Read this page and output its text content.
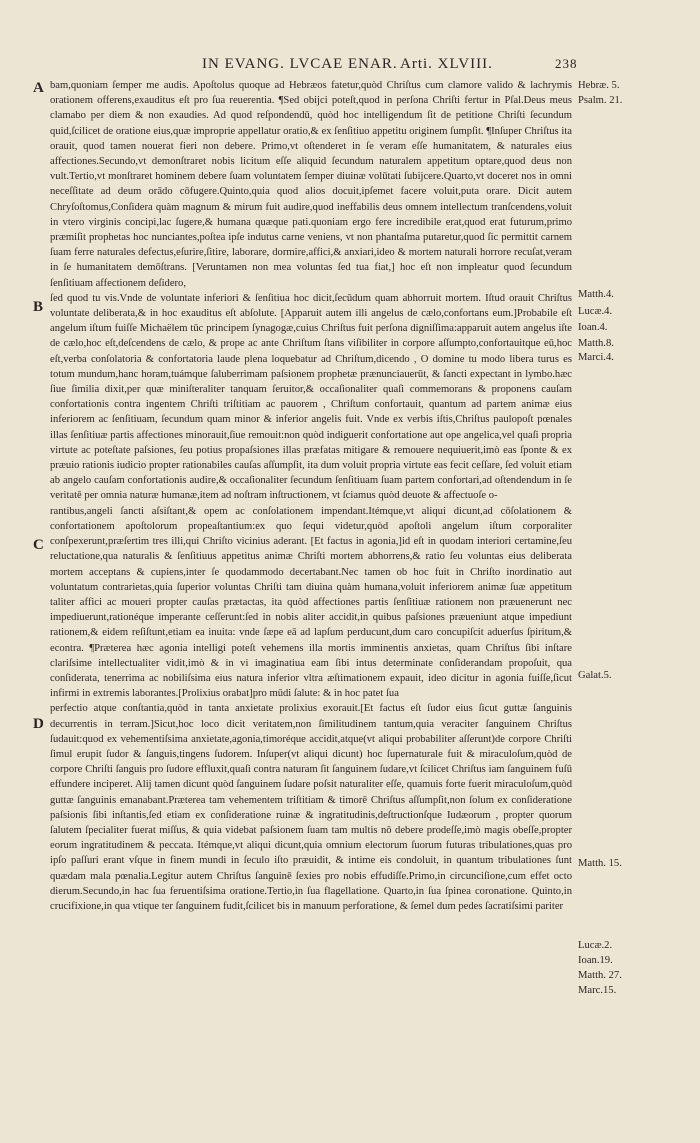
IN EVANG. LVCAE ENAR. Arti. XLVIII.	238
A
B
C
D
Hebræ. 5.
Psalm. 21.
Matth.4.
Lucæ.4.
Ioan.4.
Matth.8.
Marci.4.
Galat.5.
Matth. 15.
Lucæ.2.
Ioan.19.
Matth. 27.
Marc.15.

bam,quoniam ſemper me audis. Apoſtolus quoque ad Hebræos fatetur,quòd Chriſtus cum clamore valido & lachrymis orationem offerens,exauditus eſt pro ſua reuerentia. ¶Sed obijci poteſt,quod in perſona Chriſti fertur in Pſal.Deus meus clamabo per diem & non exaudies. Ad quod reſpondendū, quòd hoc intelligendum ſit de petitione Chriſti ſecundum quid,ſcilicet de oratione eius,quæ improprie appellatur oratio,& ex ſenſitiuo appetitu originem ſumpſit. ¶Inſuper Chriſtus ita orauit, quod tamen nouerat fieri non debere. Primo,vt oſtenderet in ſe veram eſſe humanitatem, & naturales eius affectiones.Secundo,vt demonſtraret nobis licitum eſſe aliquid ſecundum naturalem appetitum optare,quod deus non vult.Tertio,vt monſtraret hominem debere ſuam voluntatem ſemper diuinæ volūtati ſubijcere.Quarto,vt doceret nos in omni neceſſitate ad deum orādo cōfugere.Quinto,quia quod alios docuit,ipſemet facere voluit,puta orare. Dicit autem Chryſoſtomus,Conſidera quàm magnum & mirum fuit audire,quod ineffabilis deus omnem intellectum tranſcendens,voluit in vtero virginis concipi,lac ſugere,& humana quæque pati.quoniam ergo fere incredibile erat,quod erat futurum,primo præmiſit prophetas hoc nunciantes,poſtea ipſe indutus carne veniens, vt non phantaſma putaretur,quod ſic permittit carnem ſuam ferre naturales defectus,eſurire,ſitire, laborare, dormire,affici,& anxiari,ideo & mortem naturali horrore recuſat,veram in ſe humanitatem demōſtrans. [Veruntamen non mea voluntas ſed tua fiat,] hoc eſt non impleatur quod ſecundum ſenſitiuam affectionem deſidero,

ſed quod tu vis.Vnde de voluntate inferiori & ſenſitiua hoc dicit,ſecūdum quam abhorruit mortem. Iſtud orauit Chriſtus voluntate deliberata,& in hoc exauditus eſt abſolute. [Apparuit autem illi angelus de cælo,confortans eum.]Probabile eſt angelum iſtum fuiſſe Michaëlem tūc principem ſynagogæ,cuius Chriſtus fuit perſona digniſſima:apparuit autem angelus iſte de cælo,hoc eſt,deſcendens de cælo, & prope ac ante Chriſtum ſtans viſibiliter in corpore aſſumpto,confortauitque eū,hoc eſt,verba conſolatoria & confortatoria laude plena loquebatur ad Chriſtum,dicendo , O domine tu modo libera turus es totum mundum,hanc horam,tuámque ſaluberrimam paſsionem prophetæ prænunciauerūt, & ſancti expectant in lymbo.hæc ſiue ſimilia dixit,per quæ miniſteraliter tanquam ſeruitor,& occaſionaliter quaſi commemorans & proponens cauſam confortationis contra ingentem Chriſti triſtitiam ac pauorem , Chriſtum confortauit, quantum ad partem animæ eius inferiorem ac ſenſitiuam, ſecundum quam minor & inferior angelis fuit. Vnde ex verbis iſtis,Chriſtus paulopoſt pœnales illas ſenſitiuæ partis affectiones minorauit,ſiue remouit:non quòd indiguerit confortatione aut ope angelica,vel quaſi propria virtute ac poteſtate paſsiones, ſeu potius propaſsiones illas præfatas mitigare & remouere nequiuerit,imò eas ſponte & ex præuio rationis iudicio propter rationabiles cauſas aſſumpſit, ita dum voluit propria virtute eas fecit ceſſare, ſed voluit etiam ab angelo cauſam confortationis audire,& occaſionaliter ſecundum ſenſitiuam ſuam partem confortari,ad oſtendendum in ſe veritatē per omnia naturæ humanæ,item ad noſtram inſtructionem, vt ſciamus quòd deuote & affectuoſe o-

rantibus,angeli ſancti aſsiſtant,& opem ac conſolationem impendant.Itémque,vt aliqui dicunt,ad cōſolationem & confortationem apoſtolorum propeaſtantium:ex quo ſequi videtur,quòd apoſtoli angelum iſtum corporaliter conſpexerunt,præſertim tres illi,qui Chriſto vicinius aderant. [Et factus in agonia,]id eſt in quodam interiori certamine,ſeu reluctatione,qua naturalis & ſenſitiuus appetitus animæ Chriſti mortem abhorrens,& ratio ſeu voluntas eius deliberata mortem acceptans & cupiens,inter ſe quodammodo decertabant.Nec tamen ob hoc fuit in Chriſto inordinatio aut voluntatum contrarietas,quia ſuperior voluntas Chriſti tam diuina quàm humana,voluit inferiorem animæ ſuæ appetitum taliter affici ac moueri propter cauſas prætactas, ita quòd affectiones partis ſenſitiuæ rationem non præuenerunt nec impediuerunt,rationéque imperante ceſſerunt:ſed in nobis aliter accidit,in quibus paſsiones præueniunt atque impediunt rationem,& eidem reſiſtunt,etiam ea inuita: vnde ſæpe eā ad lapſum perducunt,dum caro concupiſcit aduerſus ſpiritum,& econtra. ¶Præterea hæc agonia intelligi poteſt vehemens illa mortis imminentis anxietas, quam Chriſtus ſibi inſtare clariſsime intellectualiter vidit,imò & in vi imaginatiua eam ſibi intus determinate conſiderandam propoſuit, qua conſiderata, tenerrima ac nobiliſsima eius natura inferior vltra æſtimationem expauit, ideo dicitur in agonia fuiſſe,ſicut infirmi in extremis laborantes.[Prolixius orabat]pro mūdi ſalute: & in hoc patet ſua

perfectio atque conſtantia,quòd in tanta anxietate prolixius exorauit.[Et factus eſt ſudor eius ſicut guttæ ſanguinis decurrentis in terram.]Sicut,hoc loco dicit veritatem,non ſimilitudinem tantum,quia veraciter ſanguinem Chriſtus ſudauit:quod ex vehementiſsima anxietate,agonia,timoréque accidit,atque(vt aliqui probabiliter aſſerunt)de corpore Chriſti ſimul erupit ſudor & ſanguis,tingens ſudorem. Inſuper(vt aliqui dicunt) hoc ſupernaturale fuit & miraculoſum,quòd de corpore Chriſti ſanguis pro ſudore effluxit,quaſi contra naturam ſit ſanguinem ſudare,vt ſcilicet Chriſtus iam ſanguinem fuſū effundere inciperet. Alij tamen dicunt quòd ſanguinem ſudare poſsit naturaliter eſſe, quamuis forte fuerit miraculoſum,quòd guttæ ſanguinis emanabant.Præterea tam vehementem triſtitiam & timorē Chriſtus aſſumpſit,non ſolum ex conſideratione paſsionis ſibi inſtantis,ſed etiam ex conſideratione ruinæ & ingratitudinis,deſtructionſque Iudæorum , propter quorum ſalutem ſpecialiter fuerat miſſus, & quia videbat paſsionem ſuam tam multis nō debere prodeſſe,imò magis obeſſe,propter eorum ingratitudinem & peccata. Itémque,vt aliqui dicunt,quia omnium electorum ſuorum futuras tribulationes,quas pro ipſo paſſuri erant vſque in finem mundi in ſeculo iſto præuidit, & intime eis condoluit, in quantum tribulationes ſunt quædam mala pœnalia.Legitur autem Chriſtus ſanguinē ſexies pro nobis effudiſſe.Primo,in circunciſione,cum effet octo dierum.Secundo,in hac ſua feruentiſsima oratione.Tertio,in ſua flagellatione. Quarto,in ſua ſpinea coronatione. Quinto,in crucifixione,in qua vtique ter ſanguinem fudit,ſcilicet bis in manuum perforatione, & ſemel dum pedes ſacratiſsimi pariter
